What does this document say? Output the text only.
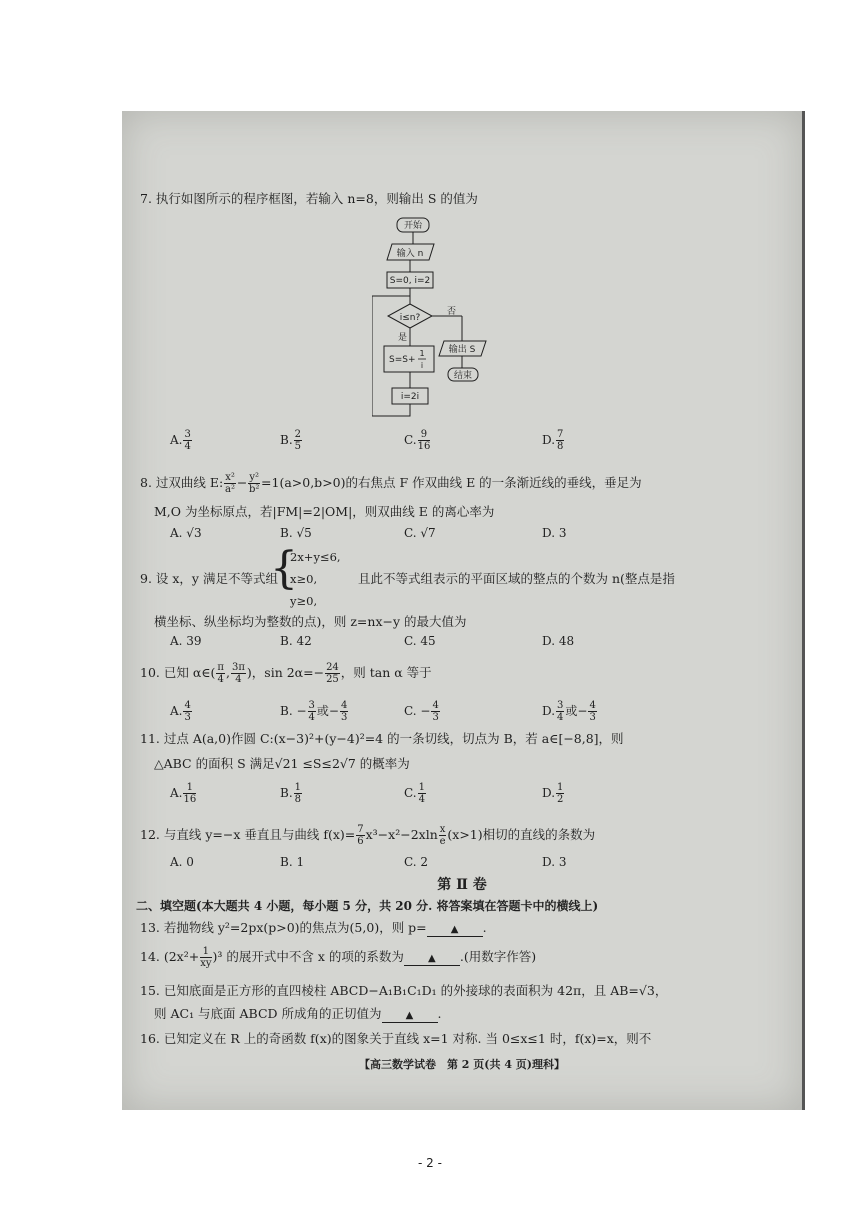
7. 执行如图所示的程序框图，若输入 n=8，则输出 S 的值为
开始
输入 n
S=0, i=2
i≤n?
否
是
S=S+
1
i
输出 S
结束
i=2i
A. $\frac{3}{4}$	B. $\frac{2}{5}$	C. $\frac{9}{16}$	D. $\frac{7}{8}$
8. 过双曲线 E: $\frac{\text{x²}}{\text{a²}} - \frac{\text{y²}}{\text{b²}} =1(a>0,b>0)$的右焦点 F 作双曲线 E 的一条渐近线的垂线，垂足为
M,O 为坐标原点，若|FM|=2|OM|，则双曲线 E 的离心率为
A. √3	B. √5	C. √7	D. 3
{
2x+y≤6,
x≥0,
y≥0,
9. 设 x，y 满足不等式组	且此不等式组表示的平面区域的整点的个数为 n(整点是指
横坐标、纵坐标均为整数的点)，则 z=nx−y 的最大值为
A. 39	B. 42	C. 45	D. 48
10. 已知 α∈( $\frac{\pi}{4}$ , $\frac{3\pi}{4}$ )，$\sin 2\alpha=- \frac{24}{25}$ ，则 tan α 等于
A. $\frac{4}{3}$	B. − $\frac{3}{4}$ 或− $\frac{4}{3}$	C. − $\frac{4}{3}$	D. $\frac{3}{4}$ 或− $\frac{4}{3}$
11. 过点 A(a,0)作圆 C:(x−3)²+(y−4)²=4 的一条切线，切点为 B，若 a∈[−8,8]，则
△ABC 的面积 S 满足√21 ≤S≤2√7 的概率为
A. $\frac{1}{16}$	B. $\frac{1}{8}$	C. $\frac{1}{4}$	D. $\frac{1}{2}$
12. 与直线 y=−x 垂直且与曲线 $f(x)= \frac{7}{6} x^3-x^2-2xln \frac{x}{e} (x>1)$相切的直线的条数为
A. 0	B. 1	C. 2	D. 3
第 Ⅱ 卷
二、填空题(本大题共 4 小题，每小题 5 分，共 20 分. 将答案填在答题卡中的横线上)
13. 若抛物线 y²=2px(p>0)的焦点为(5,0)，则 p= ▲ .
14. $(2x^2+ \frac{1}{xy} )^3$ 的展开式中不含 x 的项的系数为 ▲ .(用数字作答)
15. 已知底面是正方形的直四棱柱 ABCD−A₁B₁C₁D₁ 的外接球的表面积为 42π，且 AB=√3，
则 AC₁ 与底面 ABCD 所成角的正切值为 ▲ .
16. 已知定义在 R 上的奇函数 f(x)的图象关于直线 x=1 对称. 当 0≤x≤1 时，f(x)=x，则不
【高三数学试卷　第 2 页(共 4 页)理科】
- 2 -
